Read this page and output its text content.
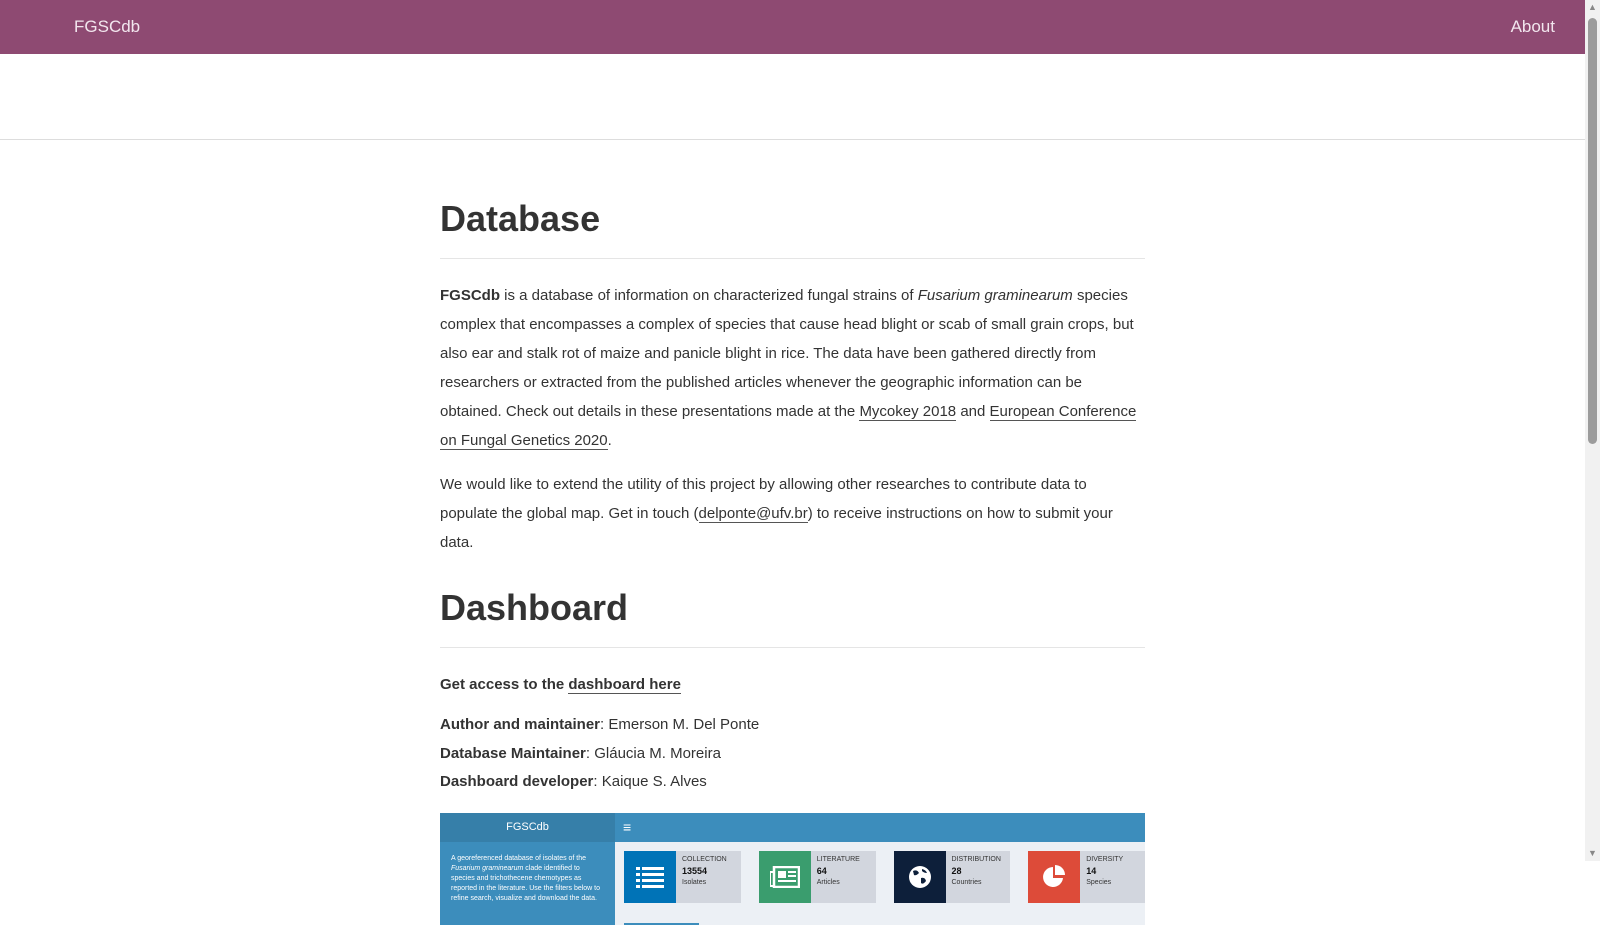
FGSCdb	About
▲
▼
Database

FGSCdb is a database of information on characterized fungal strains of Fusarium graminearum species complex that encompasses a complex of species that cause head blight or scab of small grain crops, but also ear and stalk rot of maize and panicle blight in rice. The data have been gathered directly from researchers or extracted from the published articles whenever the geographic information can be obtained. Check out details in these presentations made at the Mycokey 2018 and European Conference on Fungal Genetics 2020.

We would like to extend the utility of this project by allowing other researches to contribute data to populate the global map. Get in touch (delponte@ufv.br) to receive instructions on how to submit your data.

Dashboard

Get access to the dashboard here

Author and maintainer: Emerson M. Del Ponte

Database Maintainer: Gláucia M. Moreira

Dashboard developer: Kaique S. Alves

FGSCdb
A georeferenced database of isolates of the Fusarium graminearum clade identified to species and trichothecene chemotypes as reported in the literature. Use the filters below to refine search, visualize and download the data.
≡
COLLECTION
13554
Isolates
LITERATURE
64
Articles
DISTRIBUTION
28
Countries
DIVERSITY
14
Species
